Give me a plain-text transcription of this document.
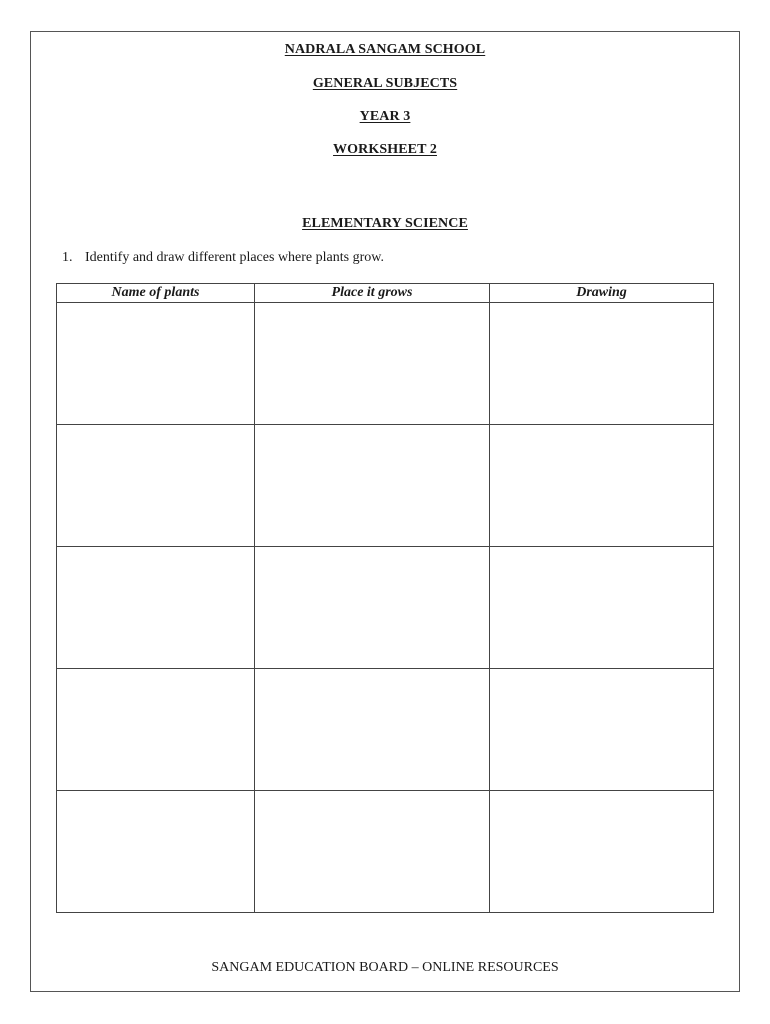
NADRALA SANGAM SCHOOL
GENERAL SUBJECTS
YEAR 3
WORKSHEET 2
ELEMENTARY SCIENCE
1. Identify and draw different places where plants grow.
Name of plants	Place it grows	Drawing

SANGAM EDUCATION BOARD – ONLINE RESOURCES
